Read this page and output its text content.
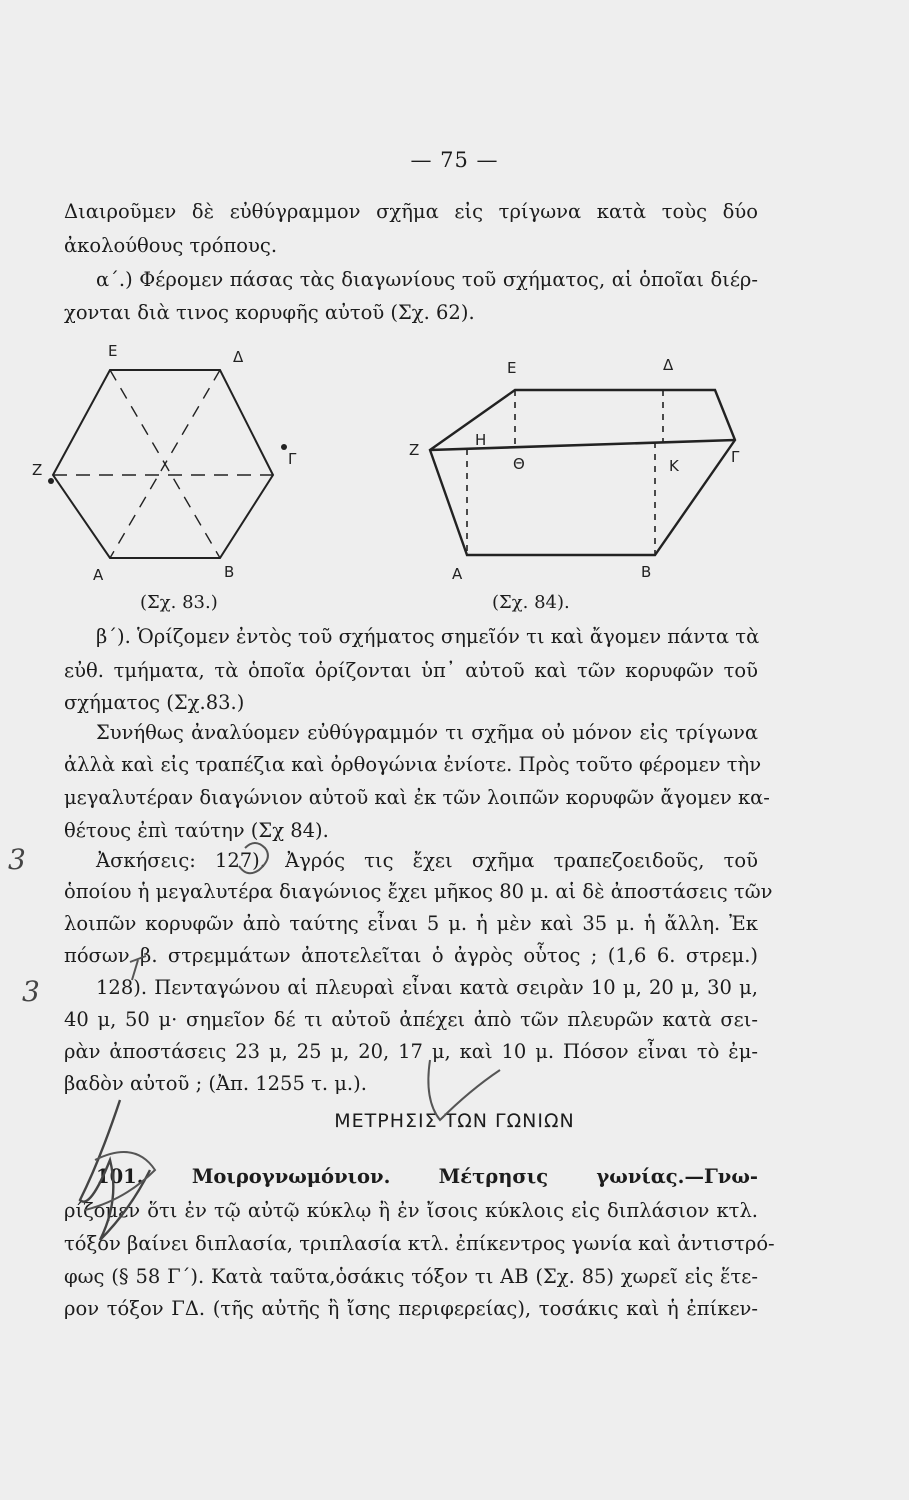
— 75 —
Διαιροῦμεν δὲ εὐθύγραμμον σχῆμα εἰς τρίγωνα κατὰ τοὺς δύο
ἀκολούθους τρόπους.
α΄.) Φέρομεν πάσας τὰς διαγωνίους τοῦ σχήματος, αἱ ὁποῖαι διέρ-
χονται διὰ τινος κορυφῆς αὐτοῦ (Σχ. 62).
Ε	Δ
Ζ
Γ
Α	Β
(Σχ. 83.)
Ε	Δ
Ζ
Η
Θ	Κ	Γ
Α	Β
(Σχ. 84).
β΄). Ὁρίζομεν ἐντὸς τοῦ σχήματος σημεῖόν τι καὶ ἄγομεν πάντα τὰ
εὐθ. τμήματα, τὰ ὁποῖα ὁρίζονται ὑπ᾿ αὐτοῦ καὶ τῶν κορυφῶν τοῦ
σχήματος (Σχ.83.)
Συνήθως ἀναλύομεν εὐθύγραμμόν τι σχῆμα οὐ μόνον εἰς τρίγωνα
ἀλλὰ καὶ εἰς τραπέζια καὶ ὀρθογώνια ἐνίοτε. Πρὸς τοῦτο φέρομεν τὴν
μεγαλυτέραν διαγώνιον αὐτοῦ καὶ ἐκ τῶν λοιπῶν κορυφῶν ἄγομεν κα-
θέτους ἐπὶ ταύτην (Σχ 84).
Ἀσκήσεις: 127). Ἀγρός τις ἔχει σχῆμα τραπεζοειδοῦς, τοῦ
ὁποίου ἡ μεγαλυτέρα διαγώνιος ἔχει μῆκος 80 μ. αἱ δὲ ἀποστάσεις τῶν
λοιπῶν κορυφῶν ἀπὸ ταύτης εἶναι 5 μ. ἡ μὲν καὶ 35 μ. ἡ ἄλλη. Ἐκ
πόσων β. στρεμμάτων ἀποτελεῖται ὁ ἀγρὸς οὗτος ; (1,6 6. στρεμ.)
128). Πενταγώνου αἱ πλευραὶ εἶναι κατὰ σειρὰν 10 μ, 20 μ, 30 μ,
40 μ, 50 μ· σημεῖον δέ τι αὐτοῦ ἀπέχει ἀπὸ τῶν πλευρῶν κατὰ σει-
ρὰν ἀποστάσεις 23 μ, 25 μ, 20, 17 μ, καὶ 10 μ. Πόσον εἶναι τὸ ἐμ-
βαδὸν αὐτοῦ ; (Ἀπ. 1255 τ. μ.).
ΜΕΤΡΗΣΙΣ ΤΩΝ ΓΩΝΙΩΝ
101. Μοιρογνωμόνιον. Μέτρησις γωνίας.—Γνω-
ρίζομεν ὅτι ἐν τῷ αὐτῷ κύκλῳ ἢ ἐν ἴσοις κύκλοις εἰς διπλάσιον κτλ.
τόξον βαίνει διπλασία, τριπλασία κτλ. ἐπίκεντρος γωνία καὶ ἀντιστρό-
φως (§ 58 Γ΄). Κατὰ ταῦτα,ὁσάκις τόξον τι ΑΒ (Σχ. 85) χωρεῖ εἰς ἕτε-
ρον τόξον ΓΔ. (τῆς αὐτῆς ἢ ἴσης περιφερείας), τοσάκις καὶ ἡ ἐπίκεν-
3
3
